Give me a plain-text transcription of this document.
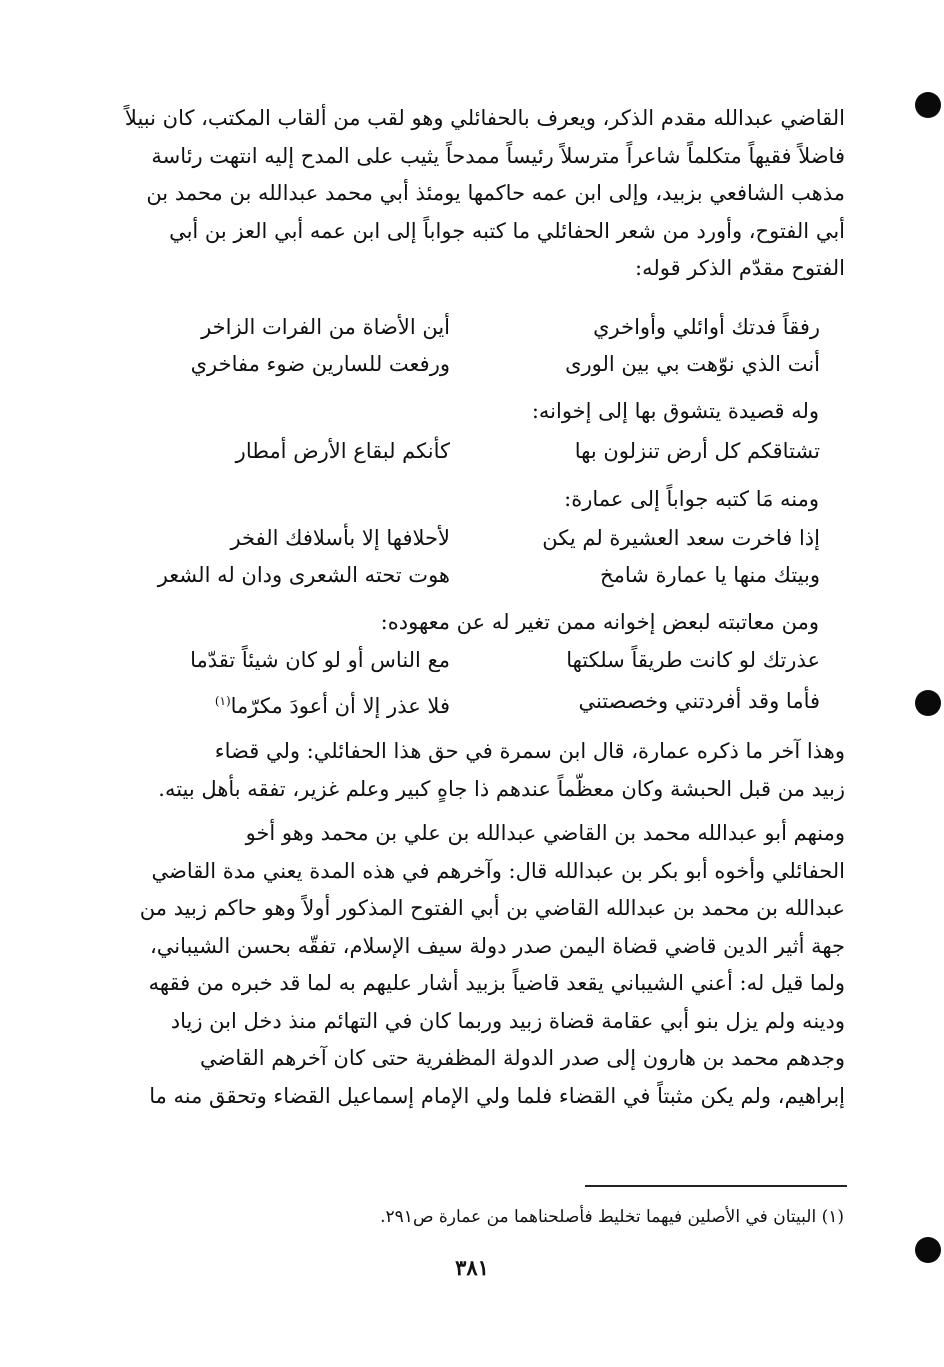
القاضي عبدالله مقدم الذكر، ويعرف بالحفائلي وهو لقب من ألقاب المكتب، كان نبيلاً
فاضلاً فقيهاً متكلماً شاعراً مترسلاً رئيساً ممدحاً يثيب على المدح إليه انتهت رئاسة
مذهب الشافعي بزبيد، وإلى ابن عمه حاكمها يومئذ أبي محمد عبدالله بن محمد بن
أبي الفتوح، وأورد من شعر الحفائلي ما كتبه جواباً إلى ابن عمه أبي العز بن أبي
الفتوح مقدّم الذكر قوله:
رفقاً فدتك أوائلي وأواخري
أين الأضاة من الفرات الزاخر
أنت الذي نوّهت بي بين الورى
ورفعت للسارين ضوء مفاخري
وله قصيدة يتشوق بها إلى إخوانه:
تشتاقكم كل أرض تنزلون بها
كأنكم لبقاع الأرض أمطار
ومنه مَا كتبه جواباً إلى عمارة:
إذا فاخرت سعد العشيرة لم يكن
لأحلافها إلا بأسلافك الفخر
وبيتك منها يا عمارة شامخ
هوت تحته الشعرى ودان له الشعر
ومن معاتبته لبعض إخوانه ممن تغير له عن معهوده:
عذرتك لو كانت طريقاً سلكتها
مع الناس أو لو كان شيئاً تقدّما
فأما وقد أفردتني وخصصتني
فلا عذر إلا أن أعودَ مكرّما$^{(١)}$
وهذا آخر ما ذكره عمارة، قال ابن سمرة في حق هذا الحفائلي: ولي قضاء
زبيد من قبل الحبشة وكان معظّماً عندهم ذا جاهٍ كبير وعلم غزير، تفقه بأهل بيته.
ومنهم أبو عبدالله محمد بن القاضي عبدالله بن علي بن محمد وهو أخو
الحفائلي وأخوه أبو بكر بن عبدالله قال: وآخرهم في هذه المدة يعني مدة القاضي
عبدالله بن محمد بن عبدالله القاضي بن أبي الفتوح المذكور أولاً وهو حاكم زبيد من
جهة أثير الدين قاضي قضاة اليمن صدر دولة سيف الإسلام، تفقّه بحسن الشيباني،
ولما قيل له: أعني الشيباني يقعد قاضياً بزبيد أشار عليهم به لما قد خبره من فقهه
ودينه ولم يزل بنو أبي عقامة قضاة زبيد وربما كان في التهائم منذ دخل ابن زياد
وجدهم محمد بن هارون إلى صدر الدولة المظفرية حتى كان آخرهم القاضي
إبراهيم، ولم يكن مثبتاً في القضاء فلما ولي الإمام إسماعيل القضاء وتحقق منه ما
(١) البيتان في الأصلين فيهما تخليط فأصلحناهما من عمارة ص٢٩١.
٣٨١
